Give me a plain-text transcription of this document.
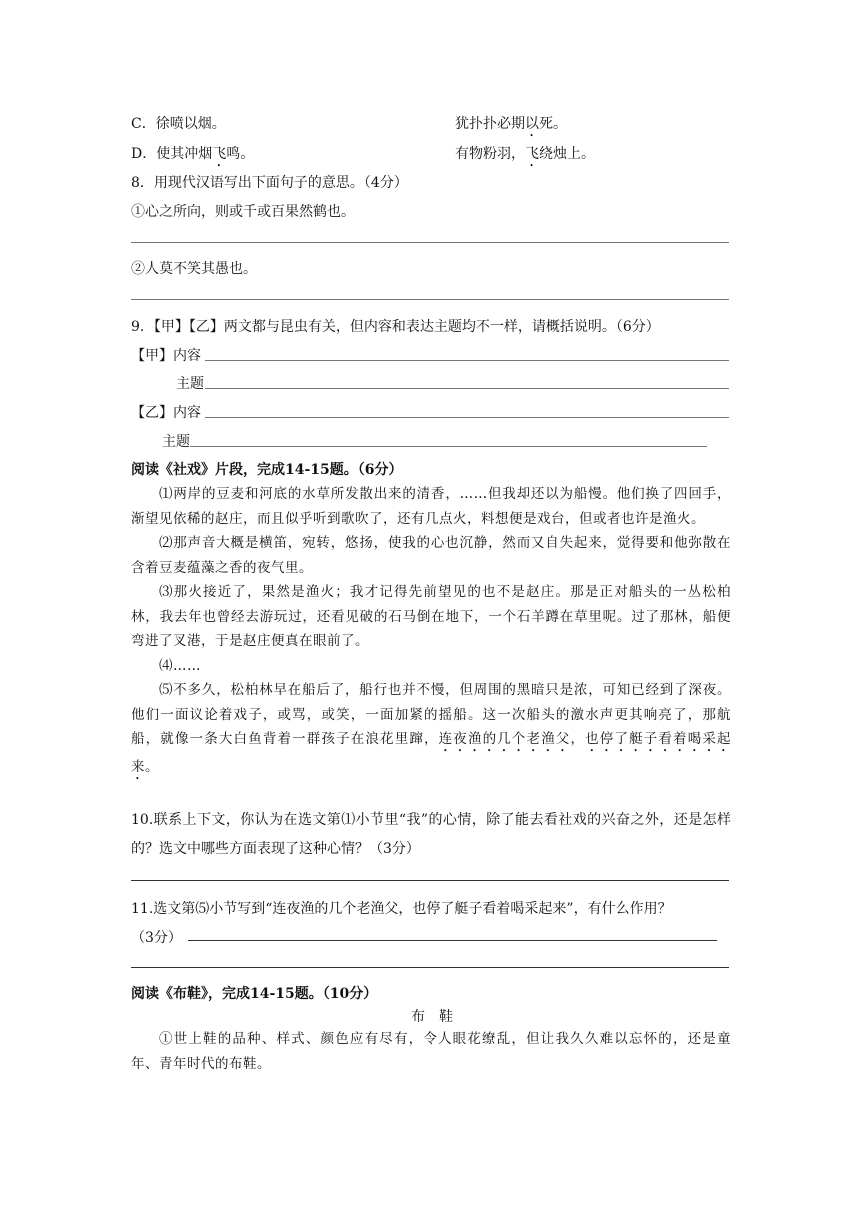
C．徐喷以烟。	犹扑扑必期以死。
D．使其冲烟飞鸣。	有物粉羽，飞绕烛上。
8．用现代汉语写出下面句子的意思。（4分）
①心之所向，则或千或百果然鹤也。
②人莫不笑其愚也。
9．【甲】【乙】两文都与昆虫有关，但内容和表达主题均不一样，请概括说明。（6分）
【甲】内容
主题
【乙】内容
主题
阅读《社戏》片段，完成14-15题。（6分）

⑴两岸的豆麦和河底的水草所发散出来的清香，……但我却还以为船慢。他们换了四回手，渐望见依稀的赵庄，而且似乎听到歌吹了，还有几点火，料想便是戏台，但或者也许是渔火。

⑵那声音大概是横笛，宛转，悠扬，使我的心也沉静，然而又自失起来，觉得要和他弥散在含着豆麦蕴藻之香的夜气里。

⑶那火接近了，果然是渔火；我才记得先前望见的也不是赵庄。那是正对船头的一丛松柏林，我去年也曾经去游玩过，还看见破的石马倒在地下，一个石羊蹲在草里呢。过了那林，船便弯进了叉港，于是赵庄便真在眼前了。

⑷……

⑸不多久，松柏林早在船后了，船行也并不慢，但周围的黑暗只是浓，可知已经到了深夜。他们一面议论着戏子，或骂，或笑，一面加紧的摇船。这一次船头的激水声更其响亮了，那航船，就像一条大白鱼背着一群孩子在浪花里蹿，连夜渔的几个老渔父，也停了艇子看着喝采起来。

10.联系上下文，你认为在选文第⑴小节里“我”的心情，除了能去看社戏的兴奋之外，还是怎样的？选文中哪些方面表现了这种心情？（3分）
11.选文第⑸小节写到“连夜渔的几个老渔父，也停了艇子看着喝采起来”，有什么作用？
（3分）
阅读《布鞋》，完成14-15题。（10分）
布　鞋

①世上鞋的品种、样式、颜色应有尽有，令人眼花缭乱，但让我久久难以忘怀的，还是童年、青年时代的布鞋。
